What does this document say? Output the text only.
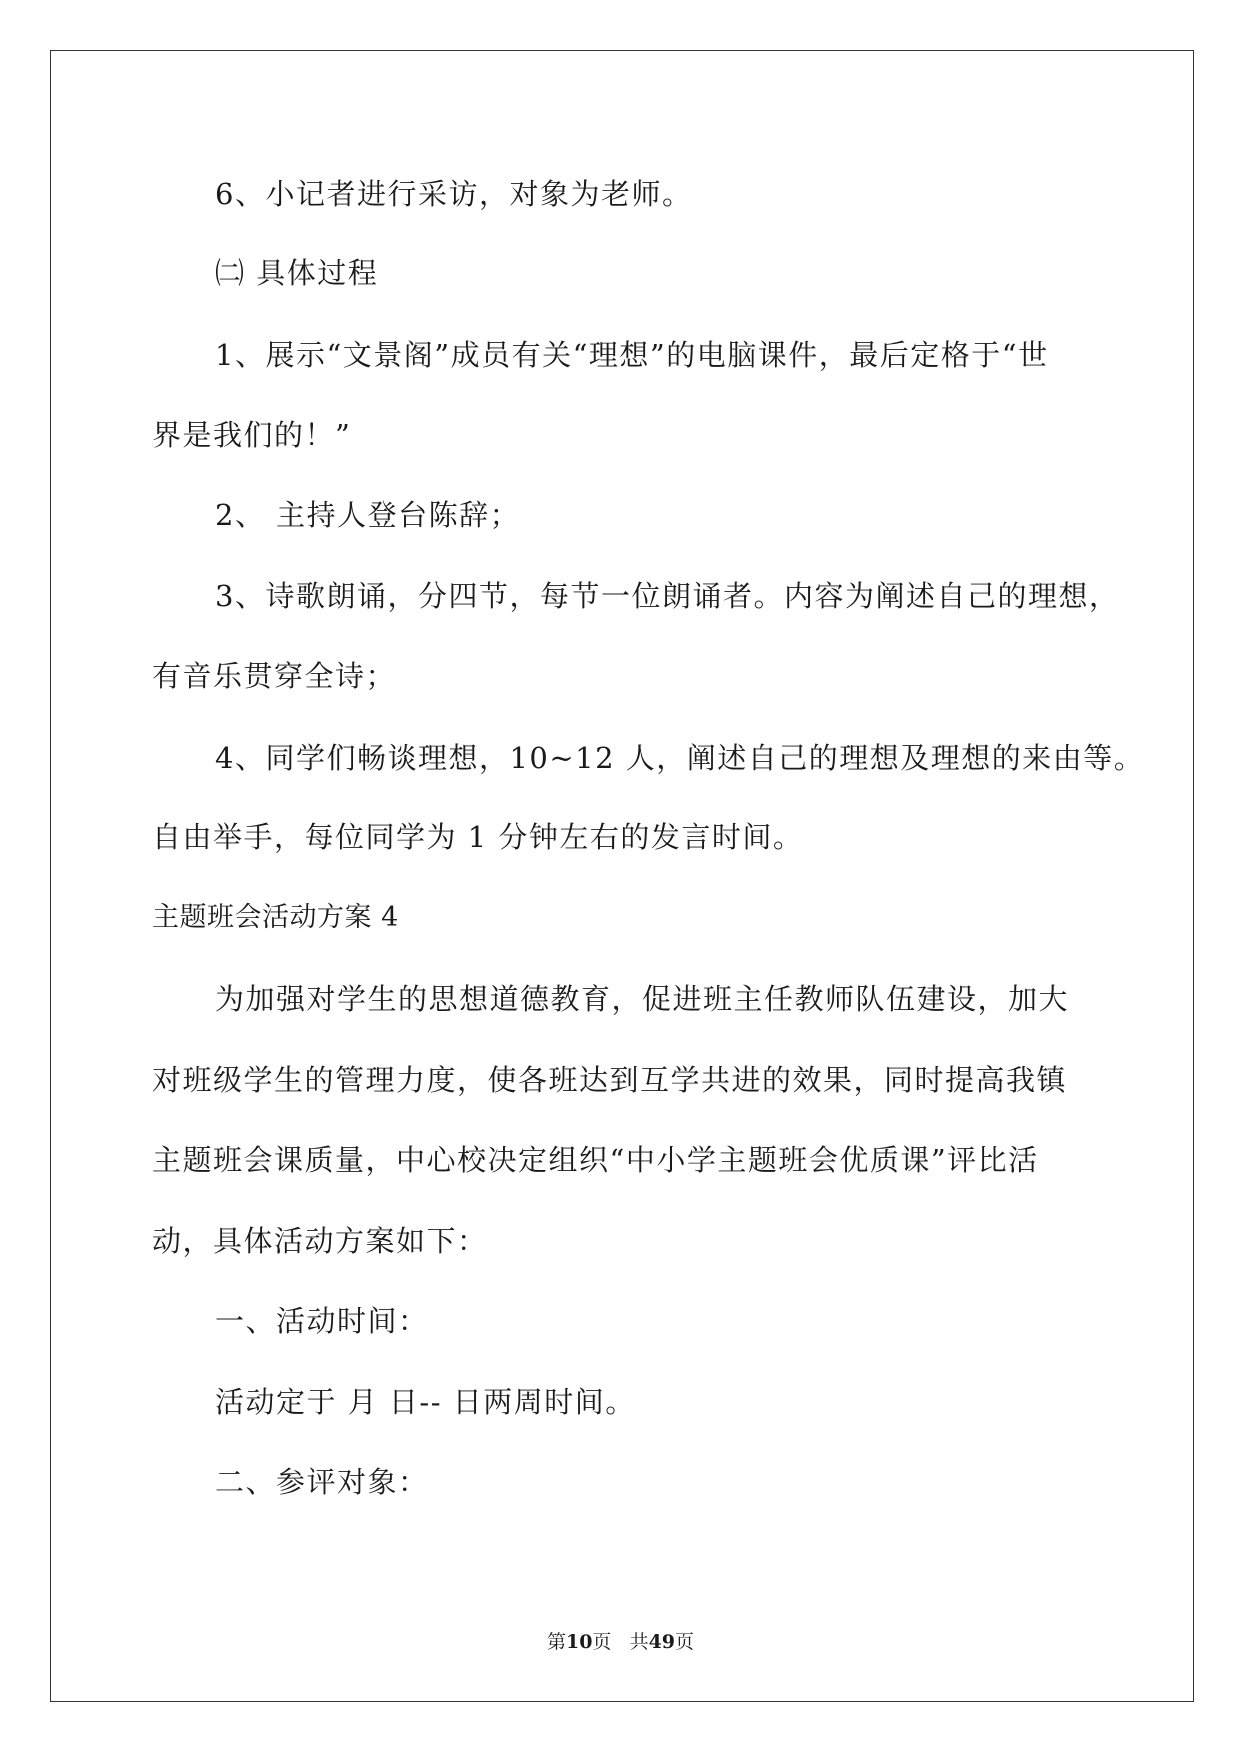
6、小记者进行采访，对象为老师。
㈡ 具体过程
1、展示“文景阁”成员有关“理想”的电脑课件，最后定格于“世
界是我们的！”
2、 主持人登台陈辞；
3、诗歌朗诵，分四节，每节一位朗诵者。内容为阐述自己的理想，
有音乐贯穿全诗；
4、同学们畅谈理想，10~12 人，阐述自己的理想及理想的来由等。
自由举手，每位同学为 1 分钟左右的发言时间。
主题班会活动方案 4
为加强对学生的思想道德教育，促进班主任教师队伍建设，加大
对班级学生的管理力度，使各班达到互学共进的效果，同时提高我镇
主题班会课质量，中心校决定组织“中小学主题班会优质课”评比活
动，具体活动方案如下：
一、活动时间：
活动定于 月 日-- 日两周时间。
二、参评对象：
第10页 共49页
